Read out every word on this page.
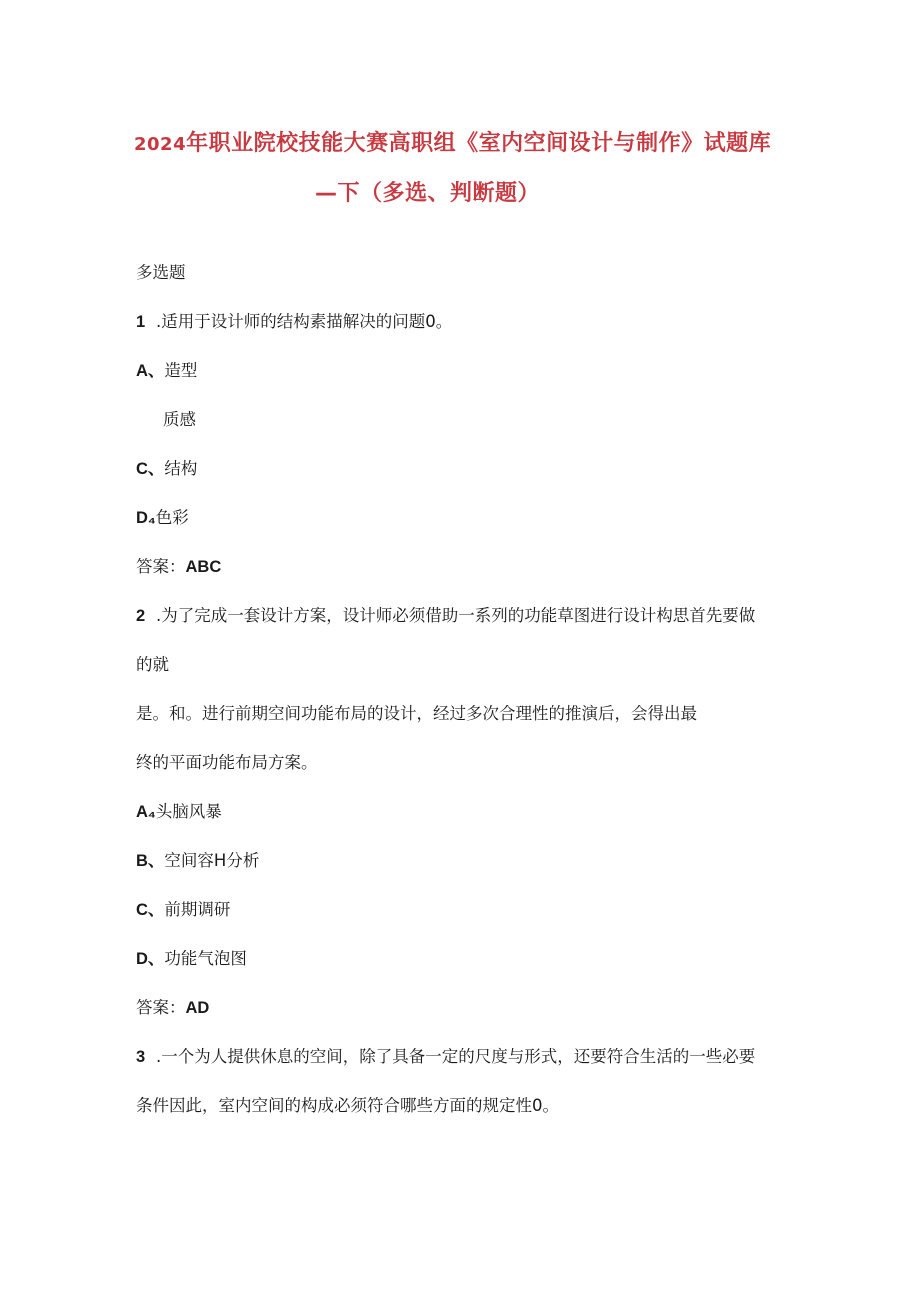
2024年职业院校技能大赛高职组《室内空间设计与制作》试题库
—下（多选、判断题）
多选题
1 .适用于设计师的结构素描解决的问题0。
A、造型
质感
C、结构
D₄色彩
答案：ABC
2 .为了完成一套设计方案，设计师必须借助一系列的功能草图进行设计构思首先要做
的就
是。和。进行前期空间功能布局的设计，经过多次合理性的推演后，会得出最
终的平面功能布局方案。
A₄头脑风暴
B、空间容H分析
C、前期调研
D、功能气泡图
答案：AD
3 .一个为人提供休息的空间，除了具备一定的尺度与形式，还要符合生活的一些必要
条件因此，室内空间的构成必须符合哪些方面的规定性0。
